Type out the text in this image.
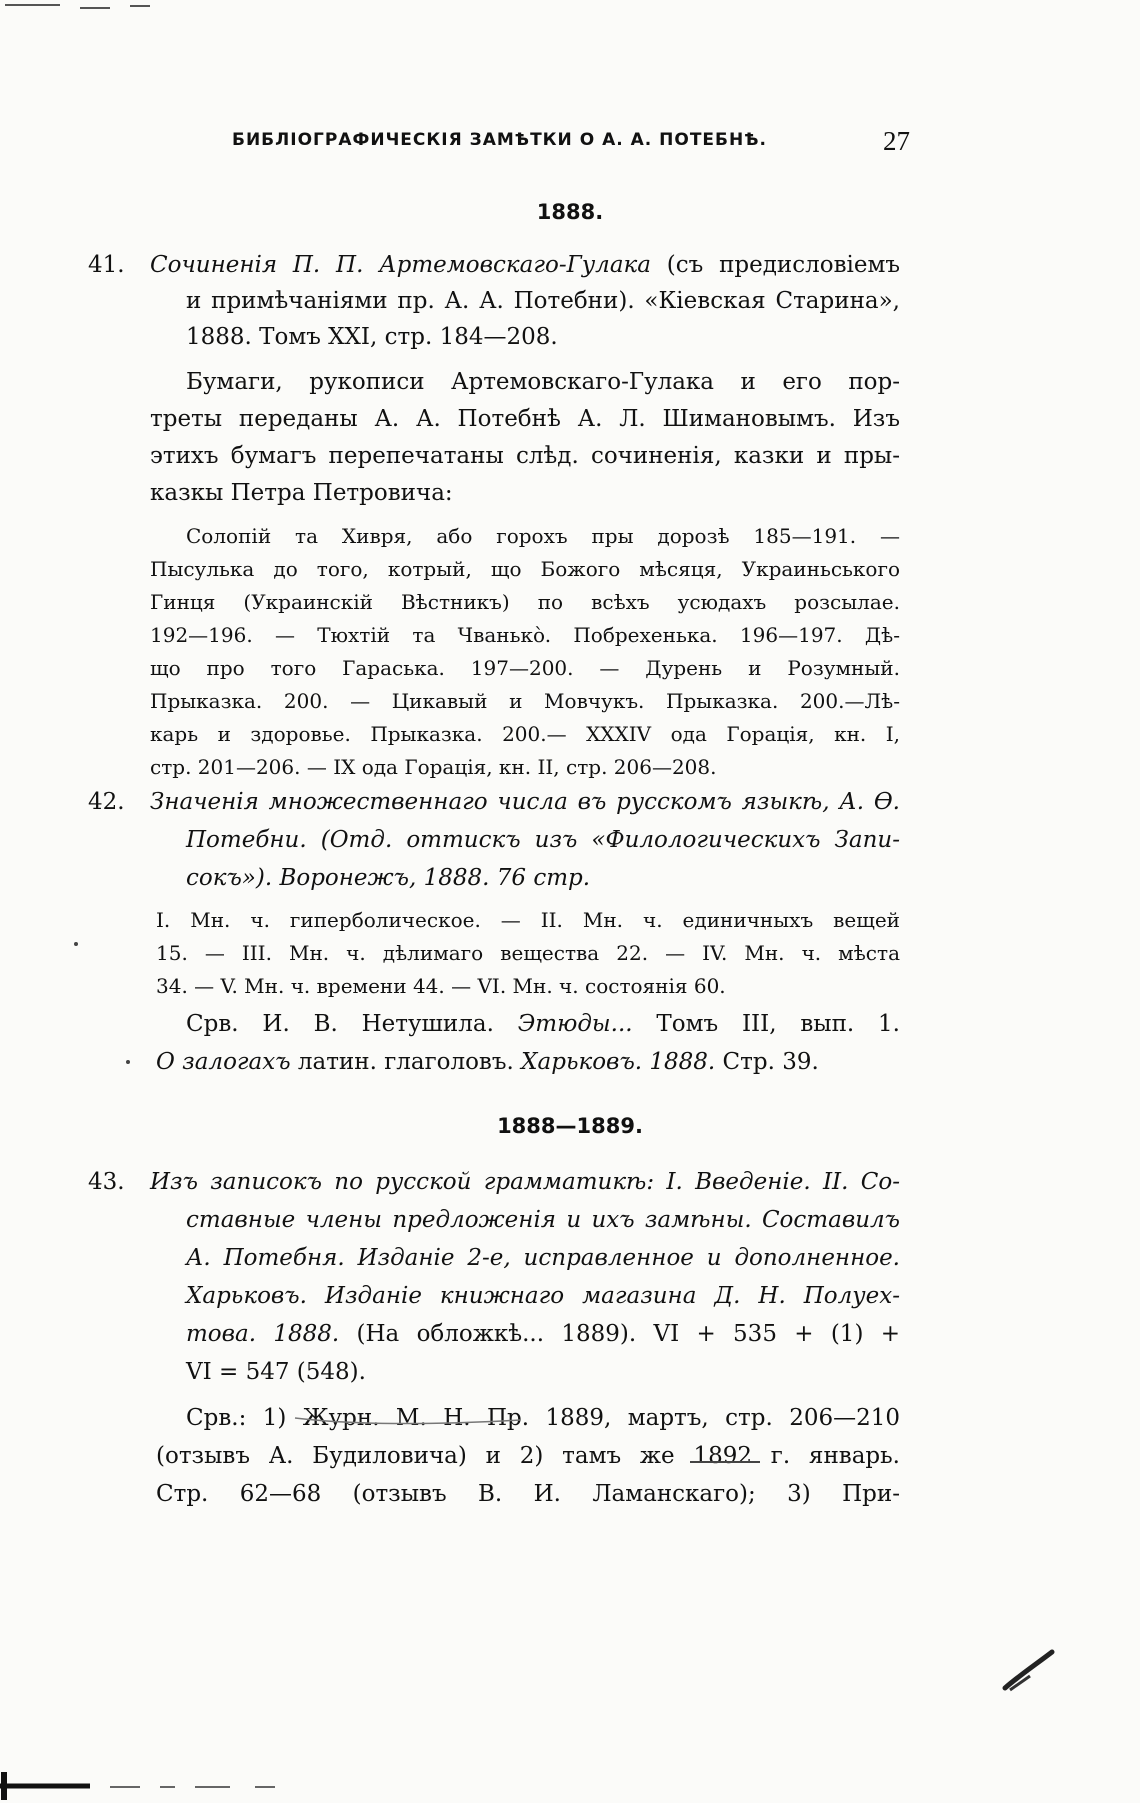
БИБЛIОГРАФИЧЕСКIЯ ЗАМѢТКИ О А. А. ПОТЕБНѢ.	27
1888.
41. Сочиненiя П. П. Артемовскаго-Гулака (съ предисловiемъ
и примѣчанiями пр. А. А. Потебни). «Кiевская Старина»,
1888. Томъ XXI, стр. 184—208.
Бумаги, рукописи Артемовскаго-Гулака и его пор-
треты переданы А. А. Потебнѣ А. Л. Шимановымъ. Изъ
этихъ бумагъ перепечатаны слѣд. сочиненiя, казки и пры-
казкы Петра Петровича:
Солопiй та Хивря, або горохъ пры дорозѣ 185—191. —
Пысулька до того, котрый, що Божого мѣсяця, Украиньського
Гинця (Украинскiй Вѣстникъ) по всѣхъ усюдахъ розсылае.
192—196. — Тюхтiй та Чванькò. Побрехенька. 196—197. Дѣ-
що про того Гараська. 197—200. — Дурень и Розумный.
Прыказка. 200. — Цикавый и Мовчукъ. Прыказка. 200.—Лѣ-
карь и здоровье. Прыказка. 200.— XXXIV ода Горацiя, кн. I,
стр. 201—206. — IX ода Горацiя, кн. II, стр. 206—208.
42. Значенiя множественнаго числа въ русскомъ языкѣ, А. Ѳ.
Потебни. (Отд. оттискъ изъ «Филологическихъ Запи-
сокъ»). Воронежъ, 1888. 76 стр.
I. Мн. ч. гиперболическое. — II. Мн. ч. единичныхъ вещей
15. — III. Мн. ч. дѣлимаго вещества 22. — IV. Мн. ч. мѣста
34. — V. Мн. ч. времени 44. — VI. Мн. ч. состоянiя 60.
Срв. И. В. Нетушила. Этюды... Томъ III, вып. 1.
О залогахъ латин. глаголовъ. Харьковъ. 1888. Стр. 39.
1888—1889.
43. Изъ записокъ по русской грамматикѣ: I. Введенiе. II. Со-
ставные члены предложенiя и ихъ замѣны. Составилъ
А. Потебня. Изданiе 2-е, исправленное и дополненное.
Харьковъ. Изданiе книжнаго магазина Д. Н. Полуех-
това. 1888. (На обложкѣ... 1889). VI + 535 + (1) +
VI = 547 (548).
Срв.: 1) Журн. М. Н. Пр. 1889, мартъ, стр. 206—210
(отзывъ А. Будиловича) и 2) тамъ же 1892 г. январь.
Стр. 62—68 (отзывъ В. И. Ламанскаго); 3) При-
